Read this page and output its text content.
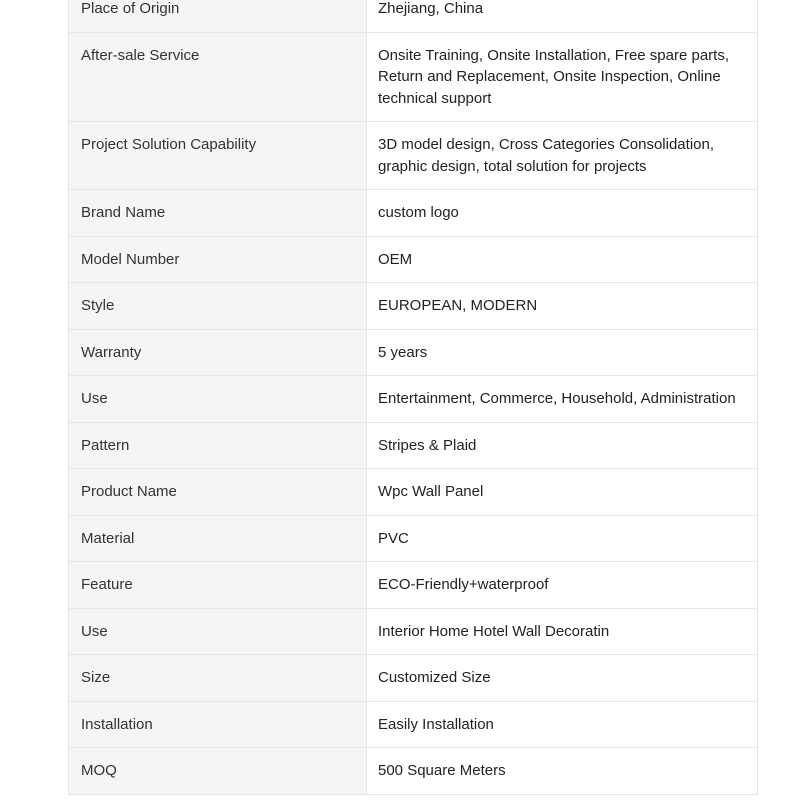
Place of Origin	Zhejiang, China
After-sale Service	Onsite Training, Onsite Installation, Free spare parts, Return and Replacement, Onsite Inspection, Online technical support
Project Solution Capability	3D model design, Cross Categories Consolidation, graphic design, total solution for projects
Brand Name	custom logo
Model Number	OEM
Style	EUROPEAN, MODERN
Warranty	5 years
Use	Entertainment, Commerce, Household, Administration
Pattern	Stripes & Plaid
Product Name	Wpc Wall Panel
Material	PVC
Feature	ECO-Friendly+waterproof
Use	Interior Home Hotel Wall Decoratin
Size	Customized Size
Installation	Easily Installation
MOQ	500 Square Meters
